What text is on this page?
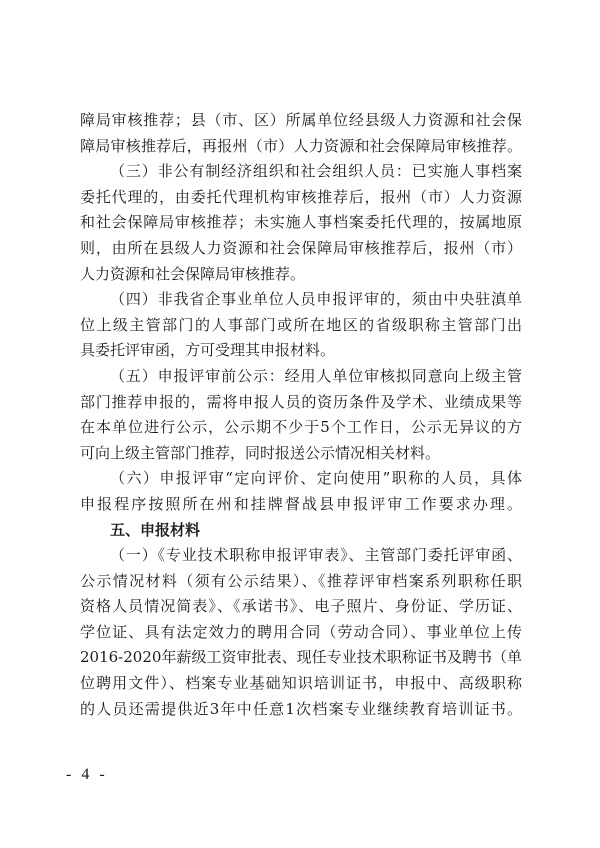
障局审核推荐；县（市、区）所属单位经县级人力资源和社会保
障局审核推荐后，再报州（市）人力资源和社会保障局审核推荐。
（三）非公有制经济组织和社会组织人员：已实施人事档案
委托代理的，由委托代理机构审核推荐后，报州（市）人力资源
和社会保障局审核推荐；未实施人事档案委托代理的，按属地原
则，由所在县级人力资源和社会保障局审核推荐后，报州（市）
人力资源和社会保障局审核推荐。
（四）非我省企事业单位人员申报评审的，须由中央驻滇单
位上级主管部门的人事部门或所在地区的省级职称主管部门出
具委托评审函，方可受理其申报材料。
（五）申报评审前公示：经用人单位审核拟同意向上级主管
部门推荐申报的，需将申报人员的资历条件及学术、业绩成果等
在本单位进行公示，公示期不少于5个工作日，公示无异议的方
可向上级主管部门推荐，同时报送公示情况相关材料。
（六）申报评审“定向评价、定向使用”职称的人员，具体
申报程序按照所在州和挂牌督战县申报评审工作要求办理。
五、申报材料
（一）《专业技术职称申报评审表》、主管部门委托评审函、
公示情况材料（须有公示结果）、《推荐评审档案系列职称任职
资格人员情况简表》、《承诺书》、电子照片、身份证、学历证、
学位证、具有法定效力的聘用合同（劳动合同）、事业单位上传
2016-2020年薪级工资审批表、现任专业技术职称证书及聘书（单
位聘用文件）、档案专业基础知识培训证书，申报中、高级职称
的人员还需提供近3年中任意1次档案专业继续教育培训证书。
- 4 -
